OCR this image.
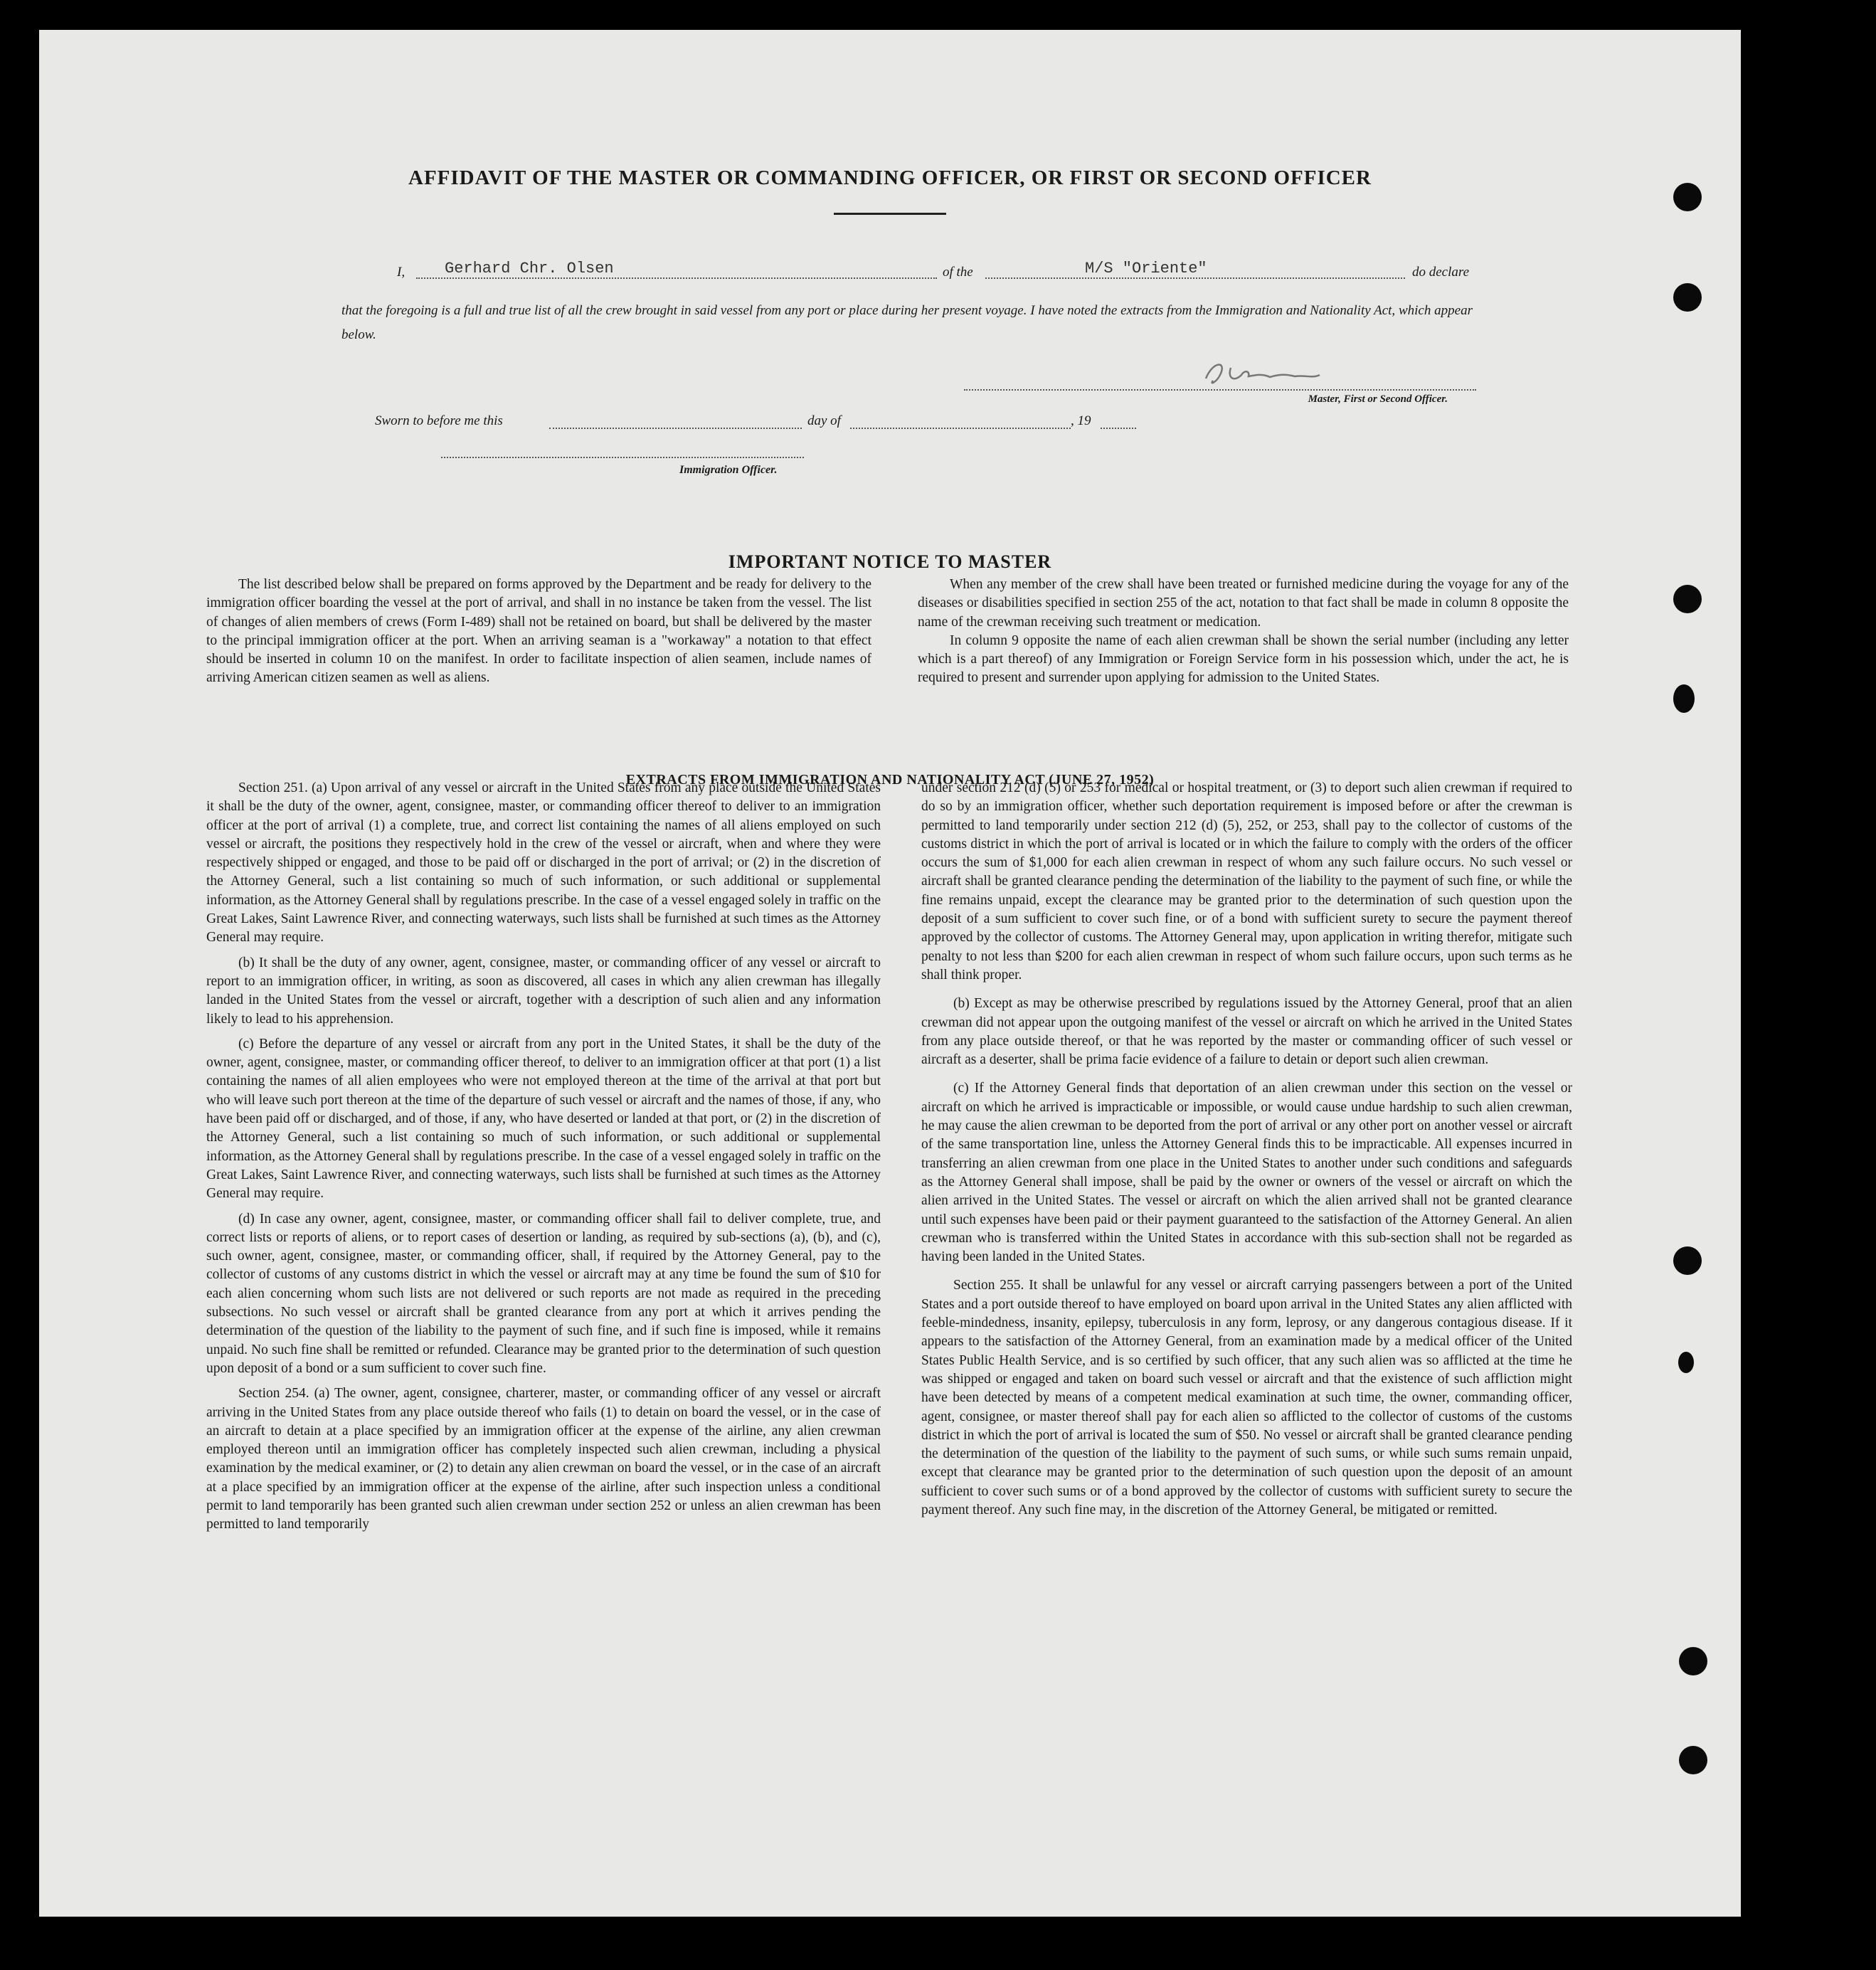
AFFIDAVIT OF THE MASTER OR COMMANDING OFFICER, OR FIRST OR SECOND OFFICER
I,	Gerhard Chr. Olsen	of the	M/S "Oriente"	do declare
that the foregoing is a full and true list of all the crew brought in said vessel from any port or place during her present voyage. I have noted the extracts from the Immigration and Nationality Act, which appear below.
Master, First or Second Officer.
Sworn to before me this	day of	, 19
Immigration Officer.
IMPORTANT NOTICE TO MASTER

The list described below shall be prepared on forms approved by the Department and be ready for delivery to the immigration officer boarding the vessel at the port of arrival, and shall in no instance be taken from the vessel. The list of changes of alien members of crews (Form I-489) shall not be retained on board, but shall be delivered by the master to the principal immigration officer at the port. When an arriving seaman is a "workaway" a notation to that effect should be inserted in column 10 on the manifest. In order to facilitate inspection of alien seamen, include names of arriving American citizen seamen as well as aliens.

When any member of the crew shall have been treated or furnished medicine during the voyage for any of the diseases or disabilities specified in section 255 of the act, notation to that fact shall be made in column 8 opposite the name of the crewman receiving such treatment or medication.

In column 9 opposite the name of each alien crewman shall be shown the serial number (including any letter which is a part thereof) of any Immigration or Foreign Service form in his possession which, under the act, he is required to present and surrender upon applying for admission to the United States.

EXTRACTS FROM IMMIGRATION AND NATIONALITY ACT (JUNE 27, 1952)

Section 251. (a) Upon arrival of any vessel or aircraft in the United States from any place outside the United States it shall be the duty of the owner, agent, consignee, master, or commanding officer thereof to deliver to an immigration officer at the port of arrival (1) a complete, true, and correct list containing the names of all aliens employed on such vessel or aircraft, the positions they respectively hold in the crew of the vessel or aircraft, when and where they were respectively shipped or engaged, and those to be paid off or discharged in the port of arrival; or (2) in the discretion of the Attorney General, such a list containing so much of such information, or such additional or supplemental information, as the Attorney General shall by regulations prescribe. In the case of a vessel engaged solely in traffic on the Great Lakes, Saint Lawrence River, and connecting waterways, such lists shall be furnished at such times as the Attorney General may require.

(b) It shall be the duty of any owner, agent, consignee, master, or commanding officer of any vessel or aircraft to report to an immigration officer, in writing, as soon as discovered, all cases in which any alien crewman has illegally landed in the United States from the vessel or aircraft, together with a description of such alien and any information likely to lead to his apprehension.

(c) Before the departure of any vessel or aircraft from any port in the United States, it shall be the duty of the owner, agent, consignee, master, or commanding officer thereof, to deliver to an immigration officer at that port (1) a list containing the names of all alien employees who were not employed thereon at the time of the arrival at that port but who will leave such port thereon at the time of the departure of such vessel or aircraft and the names of those, if any, who have been paid off or discharged, and of those, if any, who have deserted or landed at that port, or (2) in the discretion of the Attorney General, such a list containing so much of such information, or such additional or supplemental information, as the Attorney General shall by regulations prescribe. In the case of a vessel engaged solely in traffic on the Great Lakes, Saint Lawrence River, and connecting waterways, such lists shall be furnished at such times as the Attorney General may require.

(d) In case any owner, agent, consignee, master, or commanding officer shall fail to deliver complete, true, and correct lists or reports of aliens, or to report cases of desertion or landing, as required by sub-sections (a), (b), and (c), such owner, agent, consignee, master, or commanding officer, shall, if required by the Attorney General, pay to the collector of customs of any customs district in which the vessel or aircraft may at any time be found the sum of $10 for each alien concerning whom such lists are not delivered or such reports are not made as required in the preceding subsections. No such vessel or aircraft shall be granted clearance from any port at which it arrives pending the determination of the question of the liability to the payment of such fine, and if such fine is imposed, while it remains unpaid. No such fine shall be remitted or refunded. Clearance may be granted prior to the determination of such question upon deposit of a bond or a sum sufficient to cover such fine.

Section 254. (a) The owner, agent, consignee, charterer, master, or commanding officer of any vessel or aircraft arriving in the United States from any place outside thereof who fails (1) to detain on board the vessel, or in the case of an aircraft to detain at a place specified by an immigration officer at the expense of the airline, any alien crewman employed thereon until an immigration officer has completely inspected such alien crewman, including a physical examination by the medical examiner, or (2) to detain any alien crewman on board the vessel, or in the case of an aircraft at a place specified by an immigration officer at the expense of the airline, after such inspection unless a conditional permit to land temporarily has been granted such alien crewman under section 252 or unless an alien crewman has been permitted to land temporarily

under section 212 (d) (5) or 253 for medical or hospital treatment, or (3) to deport such alien crewman if required to do so by an immigration officer, whether such deportation requirement is imposed before or after the crewman is permitted to land temporarily under section 212 (d) (5), 252, or 253, shall pay to the collector of customs of the customs district in which the port of arrival is located or in which the failure to comply with the orders of the officer occurs the sum of $1,000 for each alien crewman in respect of whom any such failure occurs. No such vessel or aircraft shall be granted clearance pending the determination of the liability to the payment of such fine, or while the fine remains unpaid, except the clearance may be granted prior to the determination of such question upon the deposit of a sum sufficient to cover such fine, or of a bond with sufficient surety to secure the payment thereof approved by the collector of customs. The Attorney General may, upon application in writing therefor, mitigate such penalty to not less than $200 for each alien crewman in respect of whom such failure occurs, upon such terms as he shall think proper.

(b) Except as may be otherwise prescribed by regulations issued by the Attorney General, proof that an alien crewman did not appear upon the outgoing manifest of the vessel or aircraft on which he arrived in the United States from any place outside thereof, or that he was reported by the master or commanding officer of such vessel or aircraft as a deserter, shall be prima facie evidence of a failure to detain or deport such alien crewman.

(c) If the Attorney General finds that deportation of an alien crewman under this section on the vessel or aircraft on which he arrived is impracticable or impossible, or would cause undue hardship to such alien crewman, he may cause the alien crewman to be deported from the port of arrival or any other port on another vessel or aircraft of the same transportation line, unless the Attorney General finds this to be impracticable. All expenses incurred in transferring an alien crewman from one place in the United States to another under such conditions and safeguards as the Attorney General shall impose, shall be paid by the owner or owners of the vessel or aircraft on which the alien arrived in the United States. The vessel or aircraft on which the alien arrived shall not be granted clearance until such expenses have been paid or their payment guaranteed to the satisfaction of the Attorney General. An alien crewman who is transferred within the United States in accordance with this sub-section shall not be regarded as having been landed in the United States.

Section 255. It shall be unlawful for any vessel or aircraft carrying passengers between a port of the United States and a port outside thereof to have employed on board upon arrival in the United States any alien afflicted with feeble-mindedness, insanity, epilepsy, tuberculosis in any form, leprosy, or any dangerous contagious disease. If it appears to the satisfaction of the Attorney General, from an examination made by a medical officer of the United States Public Health Service, and is so certified by such officer, that any such alien was so afflicted at the time he was shipped or engaged and taken on board such vessel or aircraft and that the existence of such affliction might have been detected by means of a competent medical examination at such time, the owner, commanding officer, agent, consignee, or master thereof shall pay for each alien so afflicted to the collector of customs of the customs district in which the port of arrival is located the sum of $50. No vessel or aircraft shall be granted clearance pending the determination of the question of the liability to the payment of such sums, or while such sums remain unpaid, except that clearance may be granted prior to the determination of such question upon the deposit of an amount sufficient to cover such sums or of a bond approved by the collector of customs with sufficient surety to secure the payment thereof. Any such fine may, in the discretion of the Attorney General, be mitigated or remitted.
